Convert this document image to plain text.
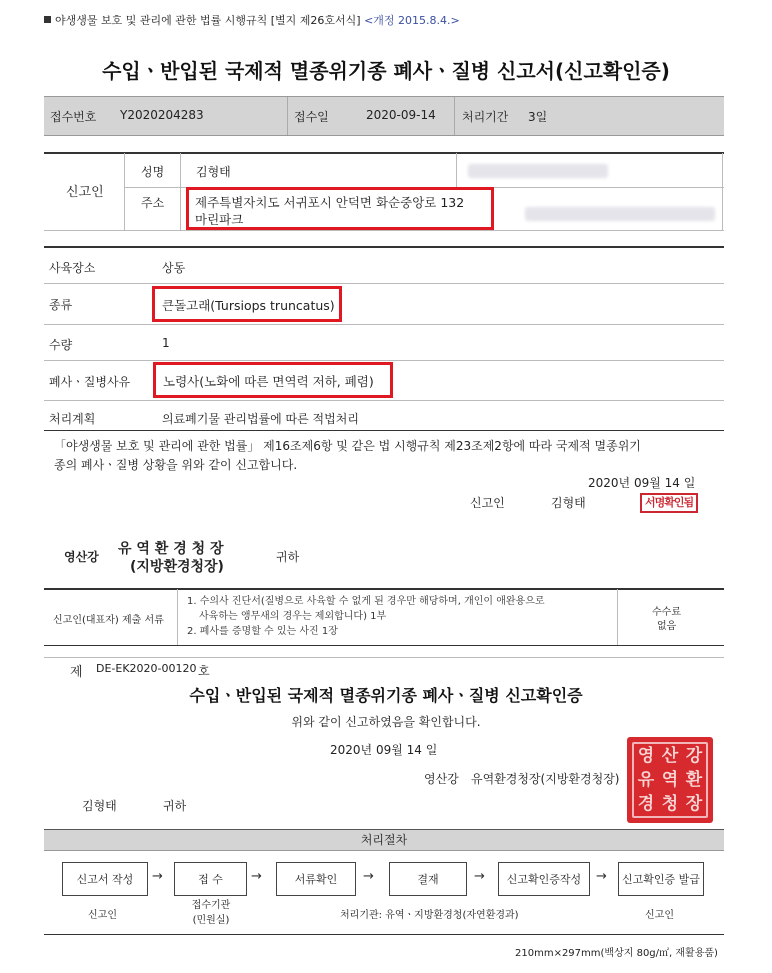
야생생물 보호 및 관리에 관한 법률 시행규칙 [별지 제26호서식] <개정 2015.8.4.>
수입ㆍ반입된 국제적 멸종위기종 폐사ㆍ질병 신고서(신고확인증)
접수번호 Y2020204283	접수일	2020-09-14 처리기간 3일
신고인
성명	김형태
주소 제주특별자치도 서귀포시 안덕면 화순중앙로 132
마린파크
사육장소	상동
종류	큰돌고래(Tursiops truncatus)
수량	1
폐사ㆍ질병사유	노령사(노화에 따른 면역력 저하, 폐렴)
처리계획	의료폐기물 관리법률에 따른 적법처리
「야생생물 보호 및 관리에 관한 법률」 제16조제6항 및 같은 법 시행규칙 제23조제2항에 따라 국제적 멸종위기
종의 폐사ㆍ질병 상황을 위와 같이 신고합니다.
2020년 09월 14 일
신고인	김형태	서명확인됨
영산강 유 역 환 경 청 장
(지방환경청장)
귀하
신고인(대표자) 제출 서류
1. 수의사 진단서(질병으로 사육할 수 없게 된 경우만 해당하며, 개인이 애완용으로
사육하는 앵무새의 경우는 제외합니다) 1부
2. 폐사를 증명할 수 있는 사진 1장
수수료
없음
제 DE-EK2020-00120 호
수입ㆍ반입된 국제적 멸종위기종 폐사ㆍ질병 신고확인증
위와 같이 신고하였음을 확인합니다.
2020년 09월 14 일
영산강 유역환경청장(지방환경청장)
영 산 강
유 역 환
경 청 장
김형태	귀하
처리절차
신고서 작성	→	접 수	→	서류확인	→	결재	→	신고확인증작성	→	신고확인증 발급
신고인
접수기관
(민원실)	처리기관: 유역ㆍ지방환경청(자연환경과)	신고인
210mm×297mm(백상지 80g/㎡, 재활용품)
